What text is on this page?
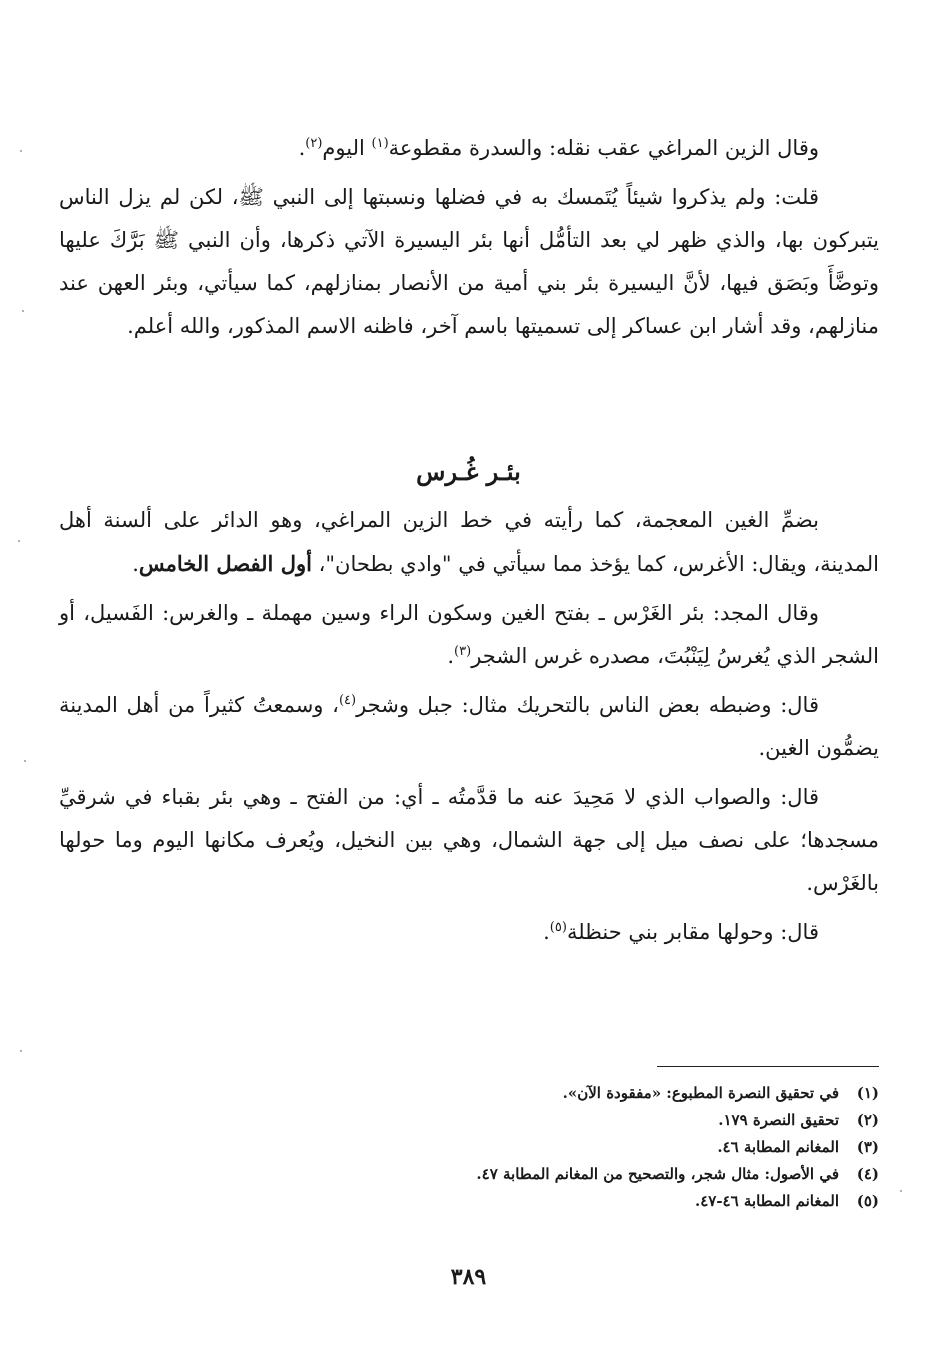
وقال الزين المراغي عقب نقله: والسدرة مقطوعة$^{(١)}$ اليوم$^{(٢)}$.

قلت: ولم يذكروا شيئاً يُتَمسك به في فضلها ونسبتها إلى النبي ﷺ، لكن لم يزل الناس يتبركون بها، والذي ظهر لي بعد التأمُّل أنها بئر اليسيرة الآتي ذكرها، وأن النبي ﷺ بَرَّكَ عليها وتوضَّأَ وبَصَق فيها، لأنَّ اليسيرة بئر بني أمية من الأنصار بمنازلهم، كما سيأتي، وبئر العهن عند منازلهم، وقد أشار ابن عساكر إلى تسميتها باسم آخر، فاظنه الاسم المذكور، والله أعلم.

بئـر غُـرس

بضمِّ الغين المعجمة، كما رأيته في خط الزين المراغي، وهو الدائر على ألسنة أهل المدينة، ويقال: الأغرس، كما يؤخذ مما سيأتي في "وادي بطحان"، أول الفصل الخامس.

وقال المجد: بئر الغَرْس ـ بفتح الغين وسكون الراء وسين مهملة ـ والغرس: الفَسيل، أو الشجر الذي يُغرسُ لِيَنْبُتَ، مصدره غرس الشجر$^{(٣)}$.

قال: وضبطه بعض الناس بالتحريك مثال: جبل وشجر$^{(٤)}$، وسمعتُ كثيراً من أهل المدينة يضمُّون الغين.

قال: والصواب الذي لا مَحِيدَ عنه ما قدَّمتُه ـ أي: من الفتح ـ وهي بئر بقباء في شرقيِّ مسجدها؛ على نصف ميل إلى جهة الشمال، وهي بين النخيل، ويُعرف مكانها اليوم وما حولها بالغَرْس.

قال: وحولها مقابر بني حنظلة$^{(٥)}$.

(١)
في تحقيق النصرة المطبوع: «مفقودة الآن».
(٢)
تحقيق النصرة ١٧٩.
(٣)
المغانم المطابة ٤٦.
(٤)
في الأصول: مثال شجر، والتصحيح من المغانم المطابة ٤٧.
(٥)
المغانم المطابة ٤٦-٤٧.
٣٨٩
